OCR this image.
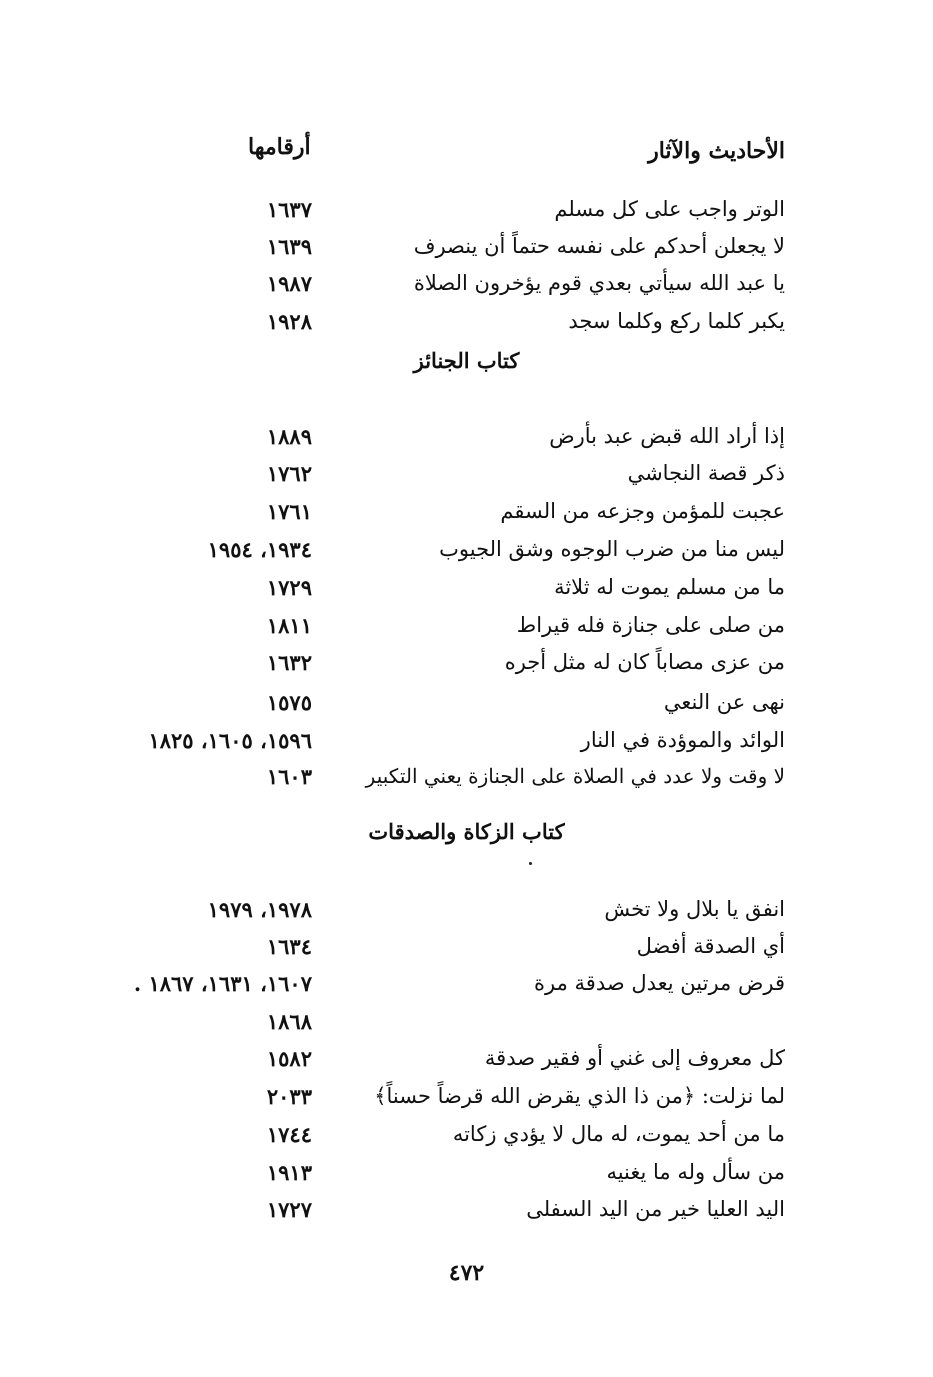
الأحاديث والآثار
أرقامها
الوتر واجب على كل مسلم
١٦٣٧
لا يجعلن أحدكم على نفسه حتماً أن ينصرف
١٦٣٩
يا عبد الله سيأتي بعدي قوم يؤخرون الصلاة
١٩٨٧
يكبر كلما ركع وكلما سجد
١٩٢٨
كتاب الجنائز
إذا أراد الله قبض عبد بأرض
١٨٨٩
ذكر قصة النجاشي
١٧٦٢
عجبت للمؤمن وجزعه من السقم
١٧٦١
ليس منا من ضرب الوجوه وشق الجيوب
١٩٣٤، ١٩٥٤
ما من مسلم يموت له ثلاثة
١٧٢٩
من صلى على جنازة فله قيراط
١٨١١
من عزى مصاباً كان له مثل أجره
١٦٣٢
نهى عن النعي
١٥٧٥
الوائد والموؤدة في النار
١٥٩٦، ١٦٠٥، ١٨٢٥
لا وقت ولا عدد في الصلاة على الجنازة يعني التكبير
١٦٠٣
كتاب الزكاة والصدقات
انفق يا بلال ولا تخش
١٩٧٨، ١٩٧٩
أي الصدقة أفضل
١٦٣٤
قرض مرتين يعدل صدقة مرة
١٦٠٧، ١٦٣١، ١٨٦٧ .
١٨٦٨
كل معروف إلى غني أو فقير صدقة
١٥٨٢
لما نزلت: ﴿من ذا الذي يقرض الله قرضاً حسناً﴾
٢٠٣٣
ما من أحد يموت، له مال لا يؤدي زكاته
١٧٤٤
من سأل وله ما يغنيه
١٩١٣
اليد العليا خير من اليد السفلى
١٧٢٧
٤٧٢
